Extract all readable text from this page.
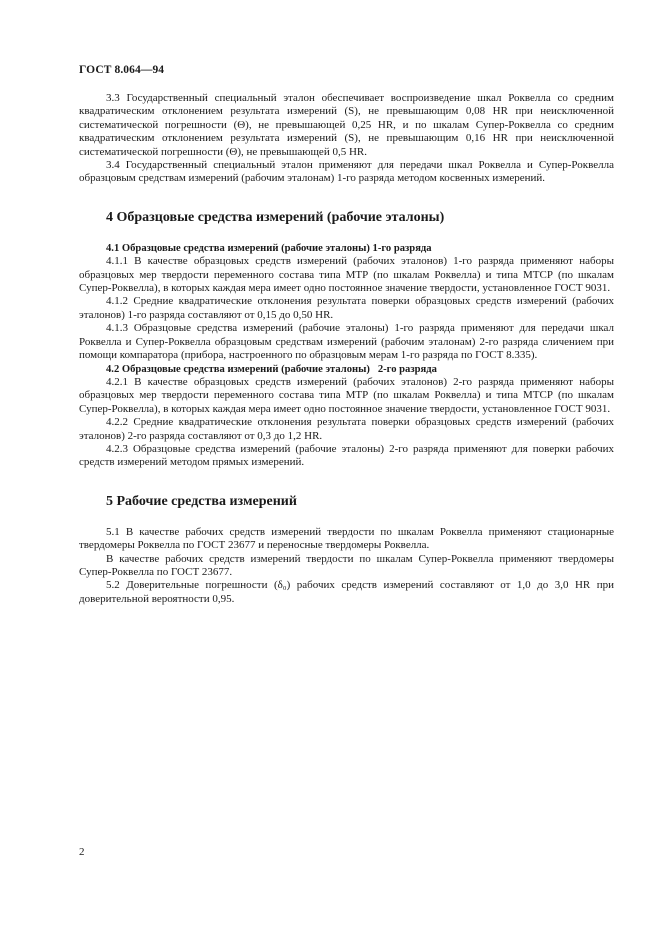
ГОСТ 8.064—94

3.3 Государственный специальный эталон обеспечивает воспроизведение шкал Роквелла со средним квадратическим отклонением результата измерений (S), не превышающим 0,08 HR при неисключенной систематической погрешности (Θ), не превышающей 0,25 HR, и по шкалам Супер-Роквелла со средним квадратическим отклонением результата измерений (S), не превышающим 0,16 HR при неисключенной систематической погрешности (Θ), не превышающей 0,5 HR.

3.4 Государственный специальный эталон применяют для передачи шкал Роквелла и Супер-Роквелла образцовым средствам измерений (рабочим эталонам) 1-го разряда методом косвенных измерений.

4 Образцовые средства измерений (рабочие эталоны)

4.1 Образцовые средства измерений (рабочие эталоны) 1-го разряда

4.1.1 В качестве образцовых средств измерений (рабочих эталонов) 1-го разряда применяют наборы образцовых мер твердости переменного состава типа МТР (по шкалам Роквелла) и типа МТСР (по шкалам Супер-Роквелла), в которых каждая мера имеет одно постоянное значение твердости, установленное ГОСТ 9031.

4.1.2 Средние квадратические отклонения результата поверки образцовых средств измерений (рабочих эталонов) 1-го разряда составляют от 0,15 до 0,50 HR.

4.1.3 Образцовые средства измерений (рабочие эталоны) 1-го разряда применяют для передачи шкал Роквелла и Супер-Роквелла образцовым средствам измерений (рабочим эталонам) 2-го разряда сличением при помощи компаратора (прибора, настроенного по образцовым мерам 1-го разряда по ГОСТ 8.335).

4.2 Образцовые средства измерений (рабочие эталоны)   2-го разряда

4.2.1 В качестве образцовых средств измерений (рабочих эталонов) 2-го разряда применяют наборы образцовых мер твердости переменного состава типа МТР (по шкалам Роквелла) и типа МТСР (по шкалам Супер-Роквелла), в которых каждая мера имеет одно постоянное значение твердости, установленное ГОСТ 9031.

4.2.2 Средние квадратические отклонения результата поверки образцовых средств измерений (рабочих эталонов) 2-го разряда составляют от 0,3 до 1,2 HR.

4.2.3 Образцовые средства измерений (рабочие эталоны) 2-го разряда применяют для поверки рабочих средств измерений методом прямых измерений.

5 Рабочие средства измерений

5.1 В качестве рабочих средств измерений твердости по шкалам Роквелла применяют стационарные твердомеры Роквелла по ГОСТ 23677 и переносные твердомеры Роквелла.

В качестве рабочих средств измерений твердости по шкалам Супер-Роквелла применяют твердомеры Супер-Роквелла по ГОСТ 23677.

5.2 Доверительные погрешности (δ₀) рабочих средств измерений составляют от 1,0 до 3,0 HR при доверительной вероятности 0,95.

2
